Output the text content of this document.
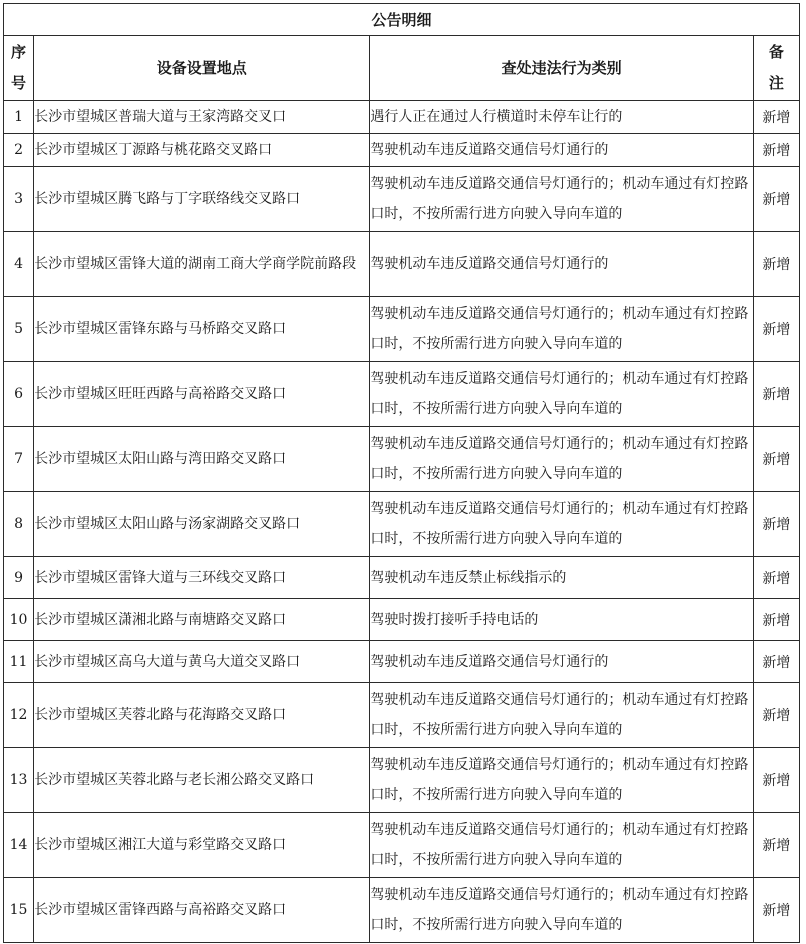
公告明细			
序号	设备设置地点	查处违法行为类别	备注
1	长沙市望城区普瑞大道与王家湾路交叉口	遇行人正在通过人行横道时未停车让行的	新增
2	长沙市望城区丁源路与桃花路交叉路口	驾驶机动车违反道路交通信号灯通行的	新增
3	长沙市望城区腾飞路与丁字联络线交叉路口	驾驶机动车违反道路交通信号灯通行的；机动车通过有灯控路口时，不按所需行进方向驶入导向车道的	新增
4	长沙市望城区雷锋大道的湖南工商大学商学院前路段	驾驶机动车违反道路交通信号灯通行的	新增
5	长沙市望城区雷锋东路与马桥路交叉路口	驾驶机动车违反道路交通信号灯通行的；机动车通过有灯控路口时，不按所需行进方向驶入导向车道的	新增
6	长沙市望城区旺旺西路与高裕路交叉路口	驾驶机动车违反道路交通信号灯通行的；机动车通过有灯控路口时，不按所需行进方向驶入导向车道的	新增
7	长沙市望城区太阳山路与湾田路交叉路口	驾驶机动车违反道路交通信号灯通行的；机动车通过有灯控路口时，不按所需行进方向驶入导向车道的	新增
8	长沙市望城区太阳山路与汤家湖路交叉路口	驾驶机动车违反道路交通信号灯通行的；机动车通过有灯控路口时，不按所需行进方向驶入导向车道的	新增
9	长沙市望城区雷锋大道与三环线交叉路口	驾驶机动车违反禁止标线指示的	新增
10	长沙市望城区潇湘北路与南塘路交叉路口	驾驶时拨打接听手持电话的	新增
11	长沙市望城区高乌大道与黄乌大道交叉路口	驾驶机动车违反道路交通信号灯通行的	新增
12	长沙市望城区芙蓉北路与花海路交叉路口	驾驶机动车违反道路交通信号灯通行的；机动车通过有灯控路口时，不按所需行进方向驶入导向车道的	新增
13	长沙市望城区芙蓉北路与老长湘公路交叉路口	驾驶机动车违反道路交通信号灯通行的；机动车通过有灯控路口时，不按所需行进方向驶入导向车道的	新增
14	长沙市望城区湘江大道与彩堂路交叉路口	驾驶机动车违反道路交通信号灯通行的；机动车通过有灯控路口时，不按所需行进方向驶入导向车道的	新增
15	长沙市望城区雷锋西路与高裕路交叉路口	驾驶机动车违反道路交通信号灯通行的；机动车通过有灯控路口时，不按所需行进方向驶入导向车道的	新增
